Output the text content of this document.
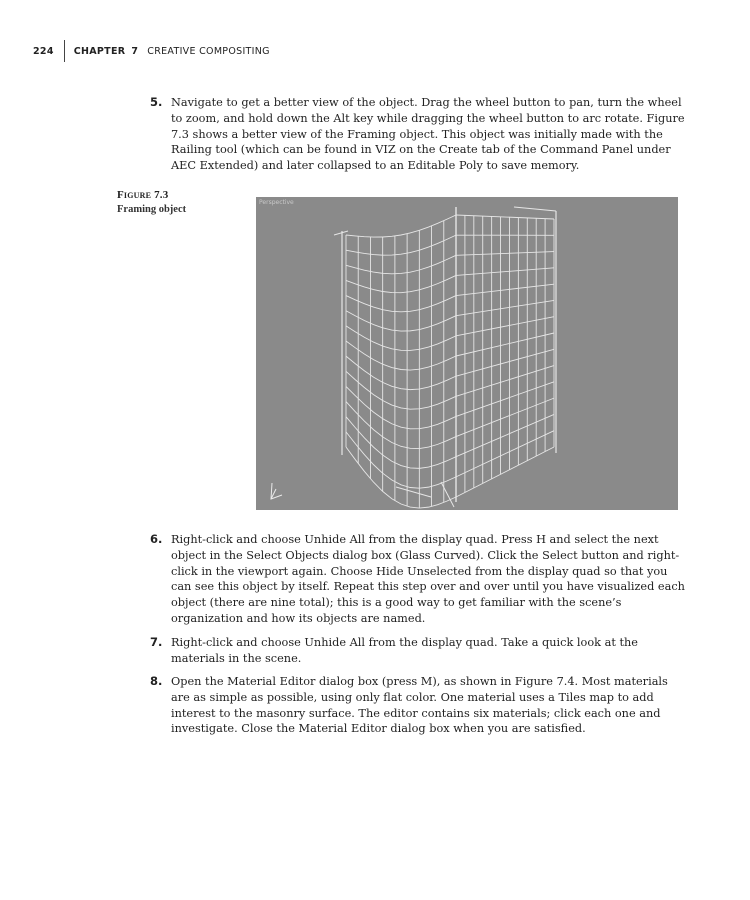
224 CHAPTER 7 CREATIVE COMPOSITING
5. Navigate to get a better view of the object. Drag the wheel button to pan, turn the wheel to zoom, and hold down the Alt key while dragging the wheel button to arc rotate. Figure 7.3 shows a better view of the Framing object. This object was initially made with the Railing tool (which can be found in VIZ on the Create tab of the Command Panel under AEC Extended) and later collapsed to an Editable Poly to save memory.
Figure 7.3
Framing object
Perspective
6. Right-click and choose Unhide All from the display quad. Press H and select the next object in the Select Objects dialog box (Glass Curved). Click the Select button and right-click in the viewport again. Choose Hide Unselected from the display quad so that you can see this object by itself. Repeat this step over and over until you have visualized each object (there are nine total); this is a good way to get familiar with the scene’s organization and how its objects are named.
7. Right-click and choose Unhide All from the display quad. Take a quick look at the materials in the scene.
8. Open the Material Editor dialog box (press M), as shown in Figure 7.4. Most materials are as simple as possible, using only flat color. One material uses a Tiles map to add interest to the masonry surface. The editor contains six materials; click each one and investigate. Close the Material Editor dialog box when you are satisfied.
